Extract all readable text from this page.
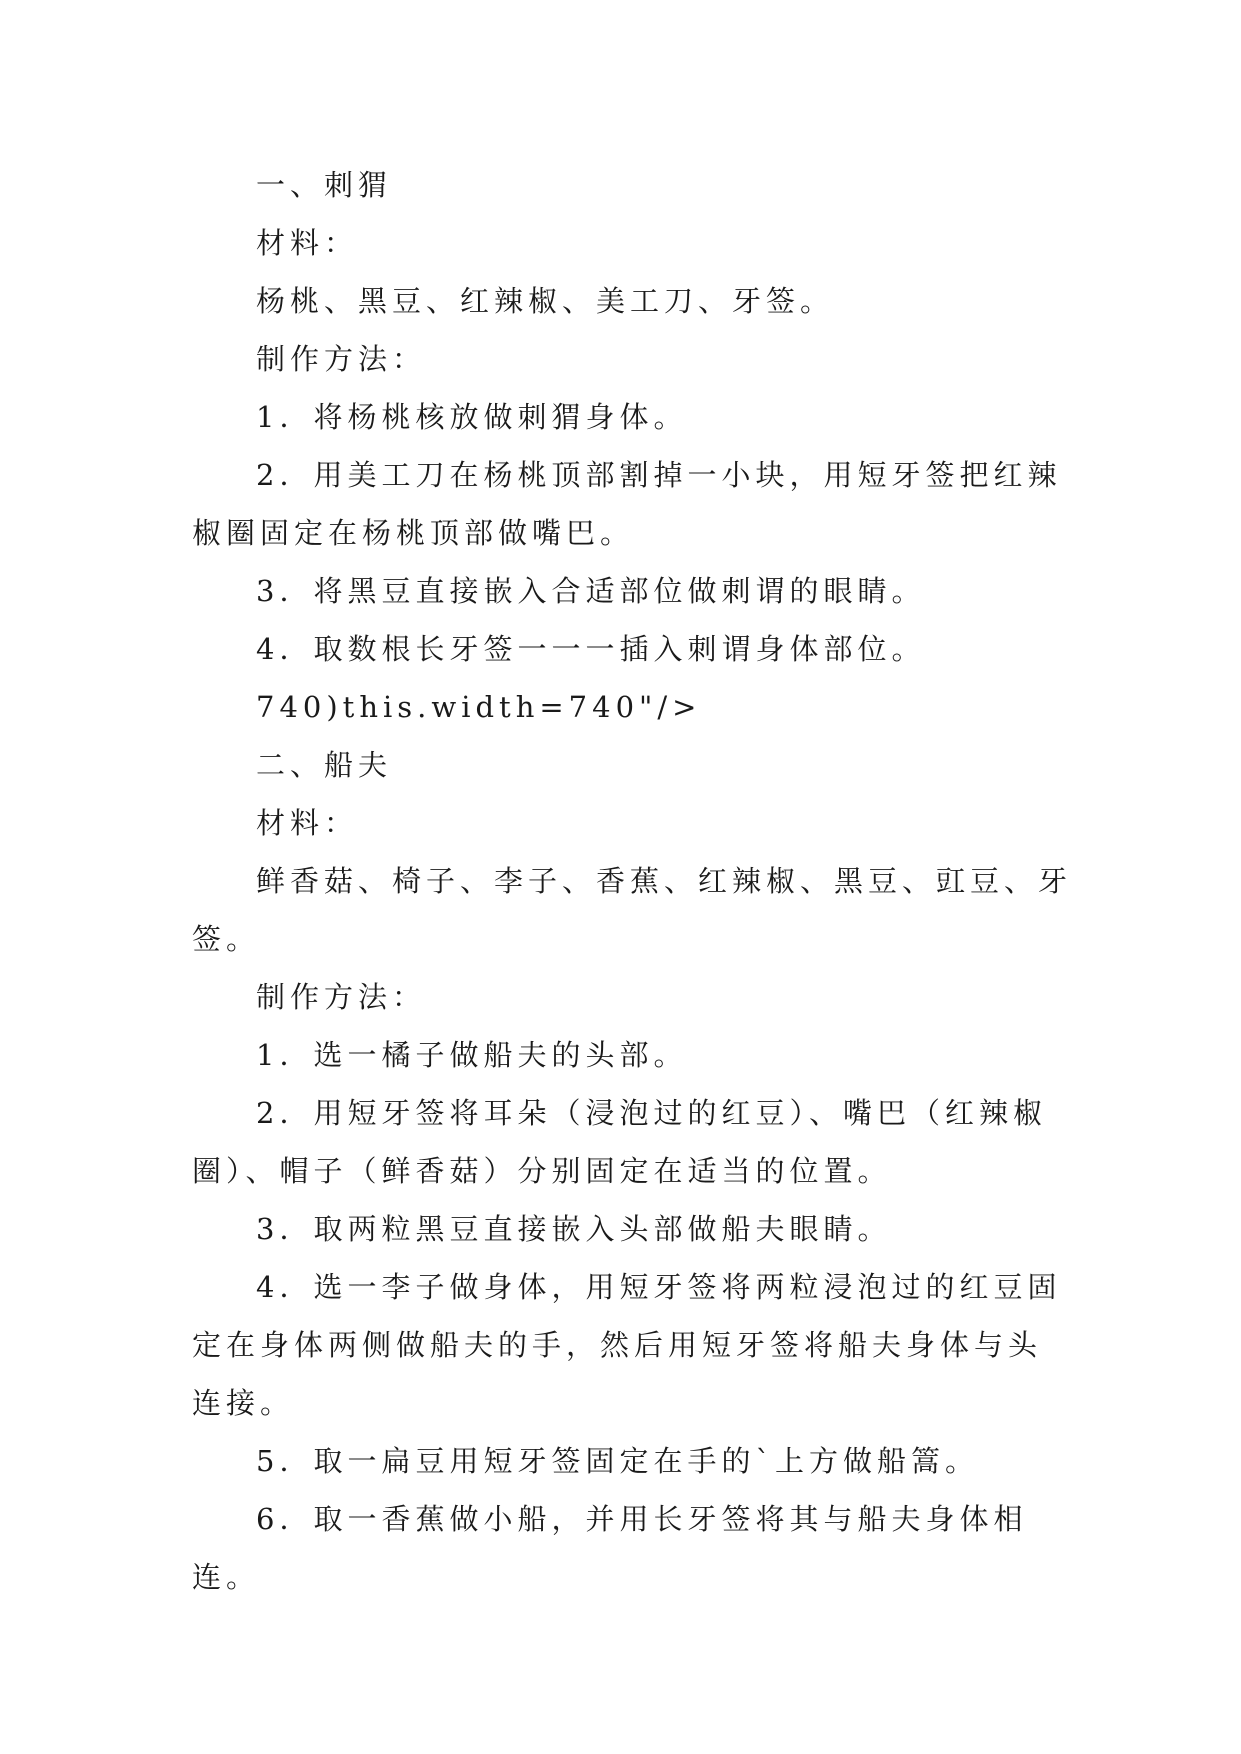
一、刺猬

材料：

杨桃、黑豆、红辣椒、美工刀、牙签。

制作方法：

1．将杨桃核放做刺猬身体。

2．用美工刀在杨桃顶部割掉一小块，用短牙签把红辣椒圈固定在杨桃顶部做嘴巴。

3．将黑豆直接嵌入合适部位做刺谓的眼睛。

4．取数根长牙签一一一插入刺谓身体部位。

740)this.width=740"/>

二、船夫

材料：

鲜香菇、椅子、李子、香蕉、红辣椒、黑豆、豇豆、牙签。

制作方法：

1．选一橘子做船夫的头部。

2．用短牙签将耳朵（浸泡过的红豆）、嘴巴（红辣椒圈）、帽子（鲜香菇）分别固定在适当的位置。

3．取两粒黑豆直接嵌入头部做船夫眼睛。

4．选一李子做身体，用短牙签将两粒浸泡过的红豆固定在身体两侧做船夫的手，然后用短牙签将船夫身体与头连接。

5．取一扁豆用短牙签固定在手的`上方做船篙。

6．取一香蕉做小船，并用长牙签将其与船夫身体相连。
